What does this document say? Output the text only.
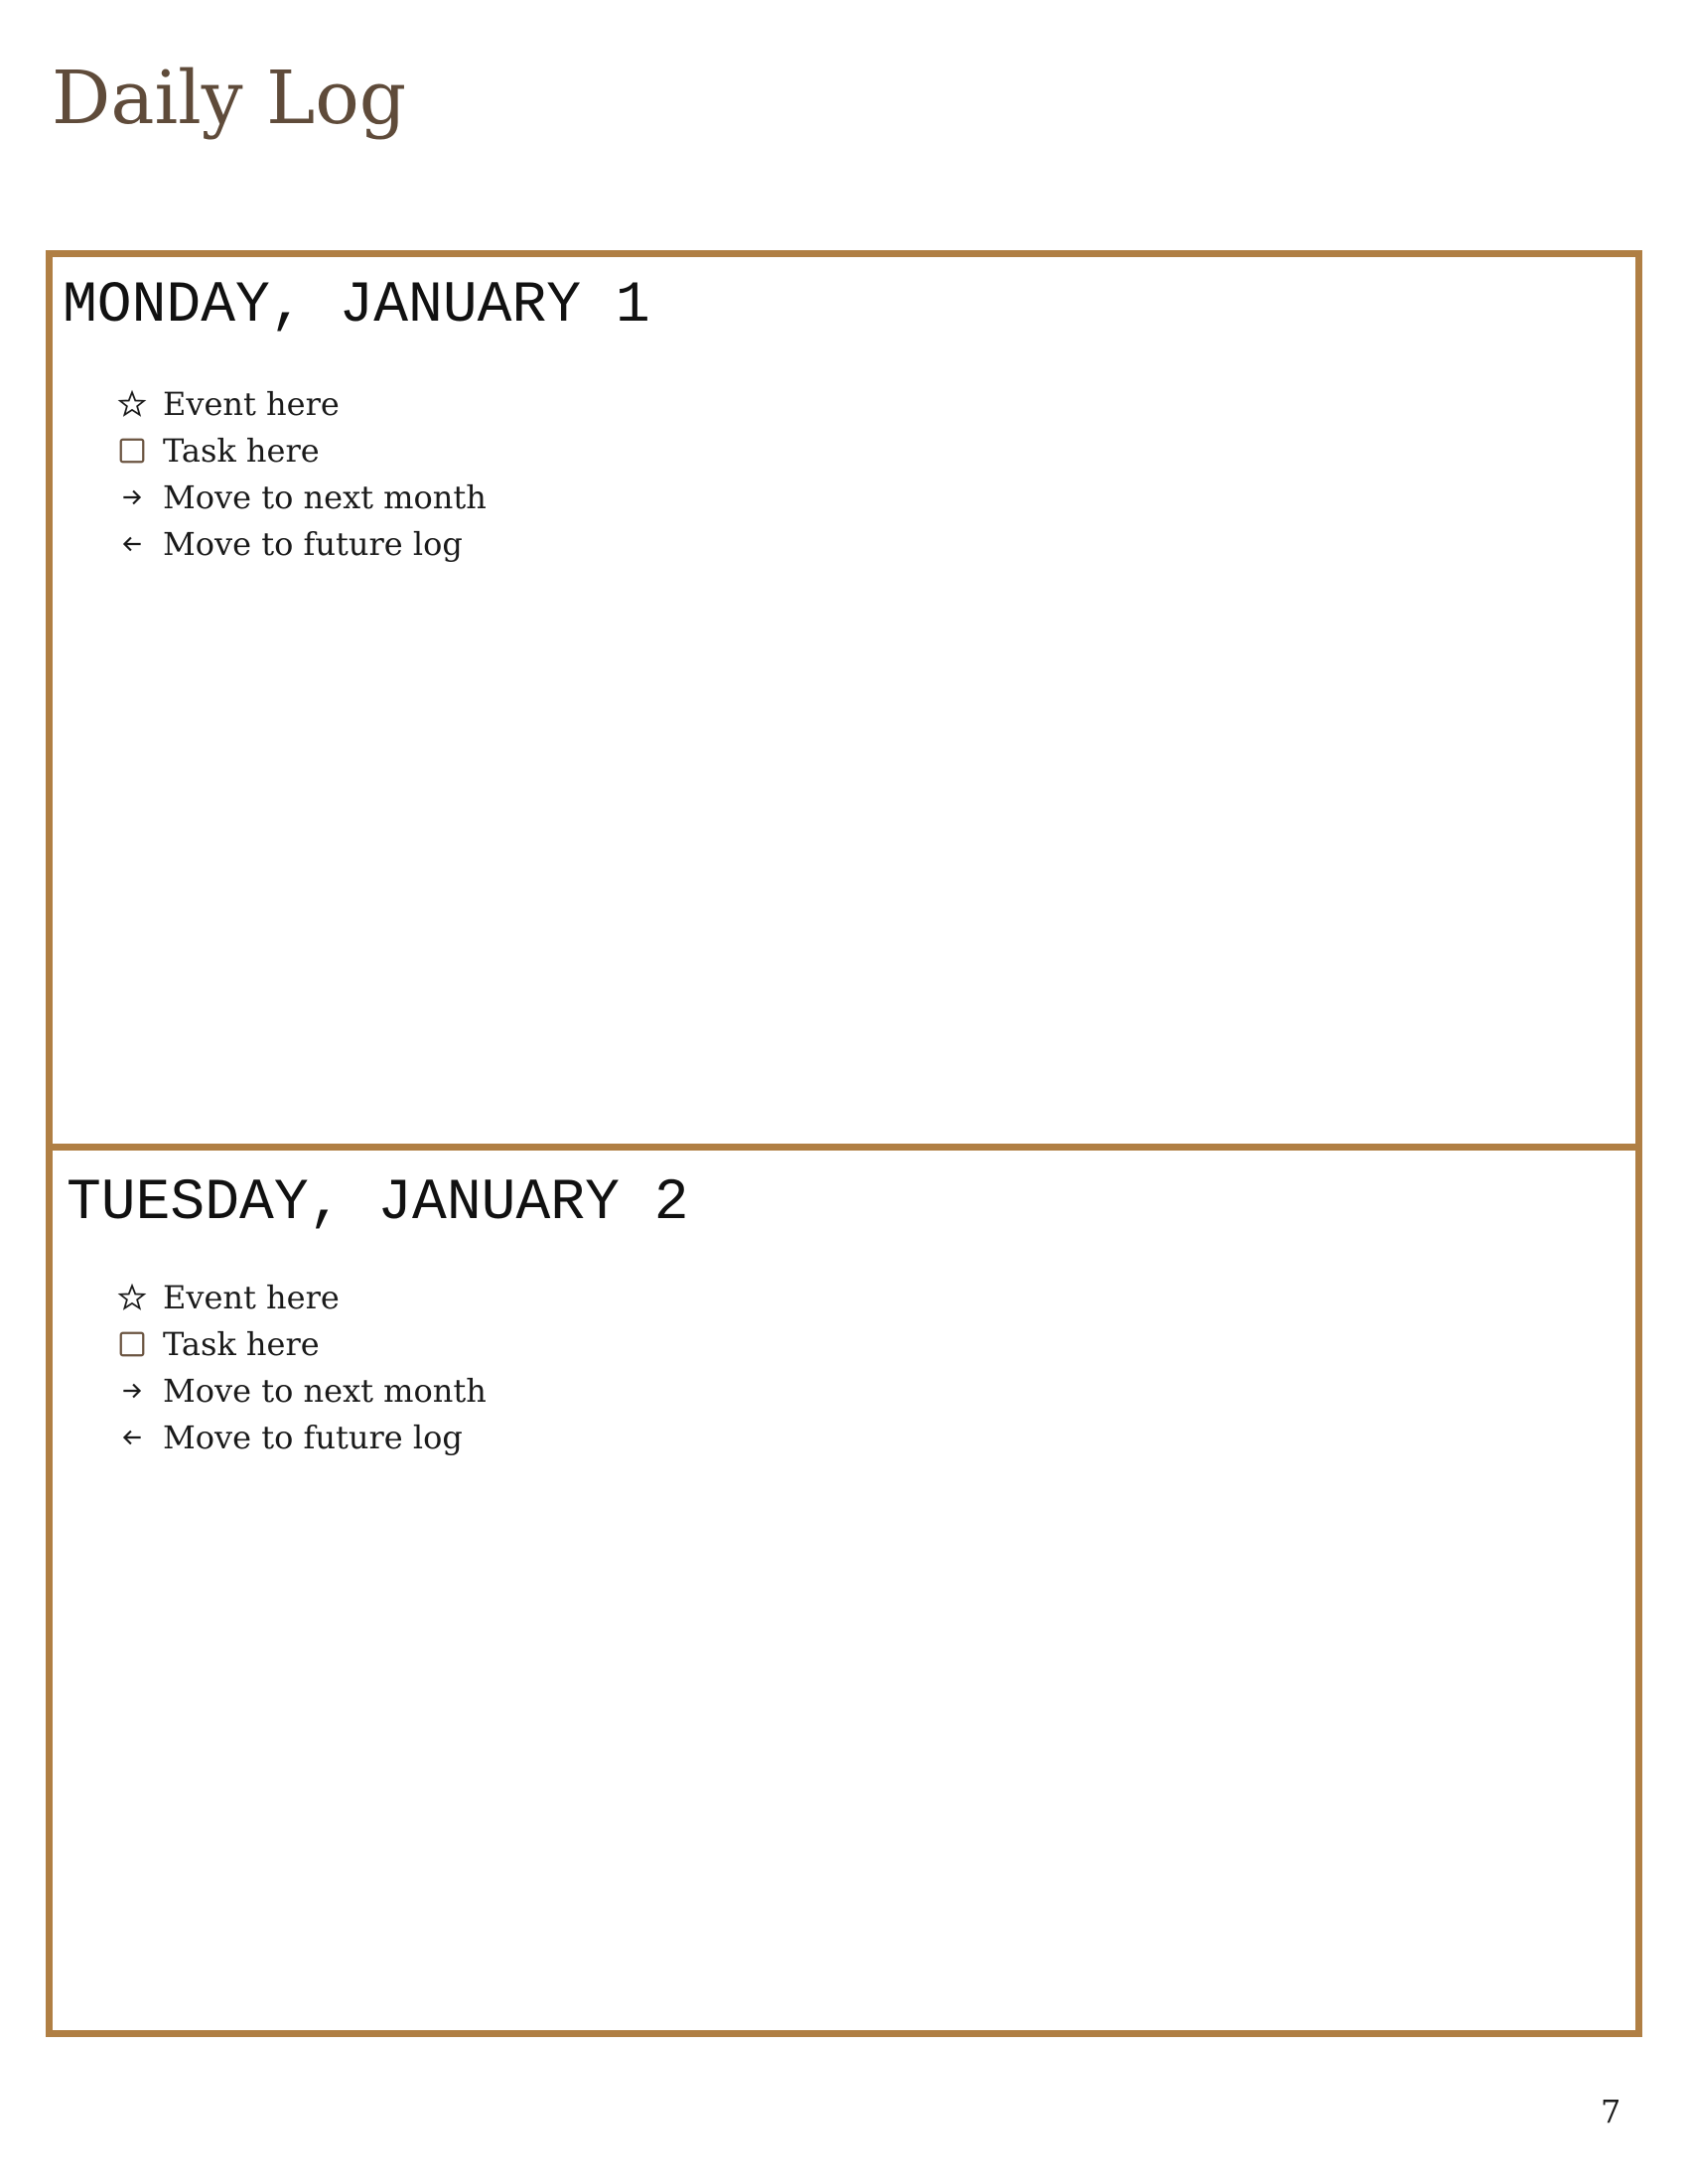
Daily Log
MONDAY, JANUARY 1
Event here
Task here
Move to next month
Move to future log
TUESDAY, JANUARY 2
Event here
Task here
Move to next month
Move to future log
7
